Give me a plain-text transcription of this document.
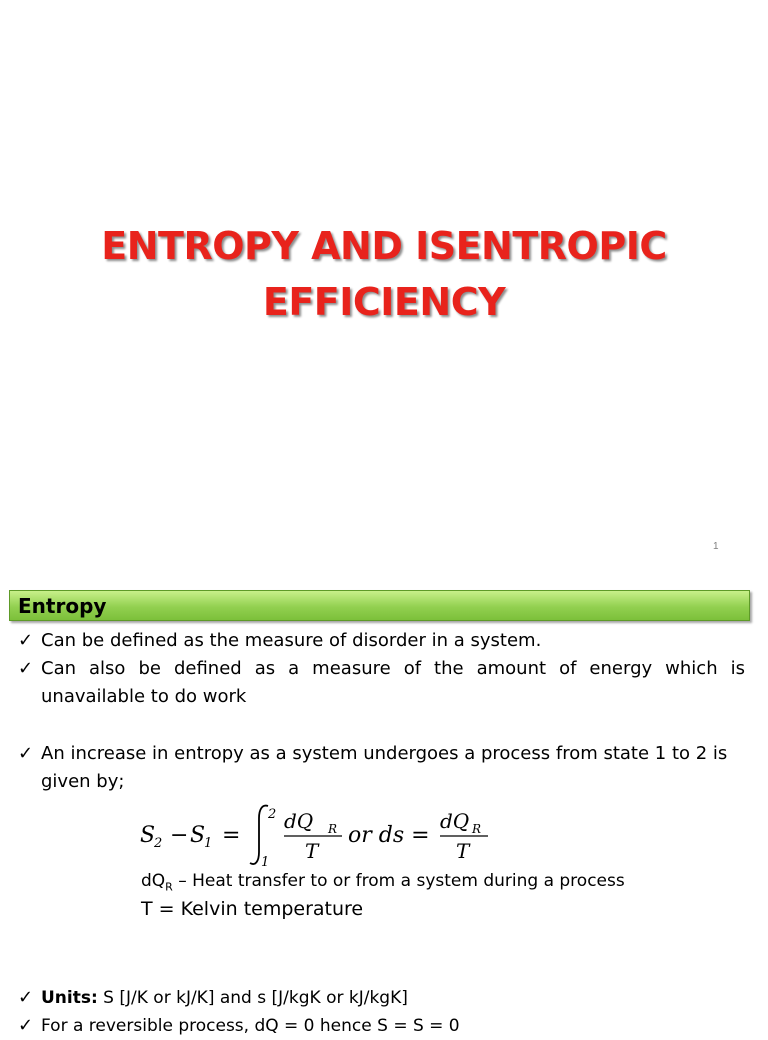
ENTROPY AND ISENTROPIC
EFFICIENCY
1
Entropy
✓ Can be defined as the measure of disorder in a system.
✓ Can also be defined as a measure of the amount of energy which is unavailable to do work
✓ An increase in entropy as a system undergoes a process from state 1 to 2 is given by;
S
2 − S
1 =
2
1
dQ R
T
or ds =
dQ R
T
$dQ_R$ – Heat transfer to or from a system during a process
T = Kelvin temperature
✓ Units: S [J/K or kJ/K] and s [J/kgK or kJ/kgK]
✓ For a reversible process, dQ = 0 hence S = S = 0
